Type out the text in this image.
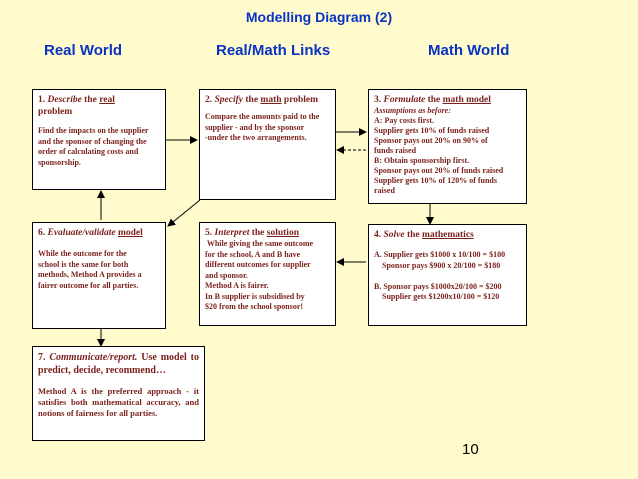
Modelling Diagram (2)
Real World	Real/Math Links	Math World
1. Describe the real
problem
Find the impacts on the supplier
and the sponsor of changing the
order of calculating costs and
sponsorship.
2. Specify the math problem
Compare the amounts paid to the
supplier - and by the sponsor
-under the two arrangements.
3. Formulate the math model
Assumptions as before:
A: Pay costs first.
Supplier gets 10% of funds raised
Sponsor pays out 20% on 90% of
funds raised
B: Obtain sponsorship first.
Sponsor pays out 20% of funds raised
Supplier gets 10% of 120% of funds
raised
6. Evaluate/validate model
While the outcome for the
school is the same for both
methods, Method A provides a
fairer outcome for all parties.
5. Interpret the solution
While giving the same outcome
for the school, A and B have
different outcomes for supplier
and sponsor.
Method A is fairer.
In B supplier is subsidised by
$20 from the school sponsor!
4. Solve the mathematics
A. Supplier gets $1000 x 10/100 = $100
Sponsor pays $900 x 20/100 = $180

B. Sponsor pays $1000x20/100 = $200
Supplier gets $1200x10/100 = $120
7. Communicate/report. Use model to predict, decide, recommend…
Method A is the preferred approach - it satisfies both mathematical accuracy, and notions of fairness for all parties.
10
